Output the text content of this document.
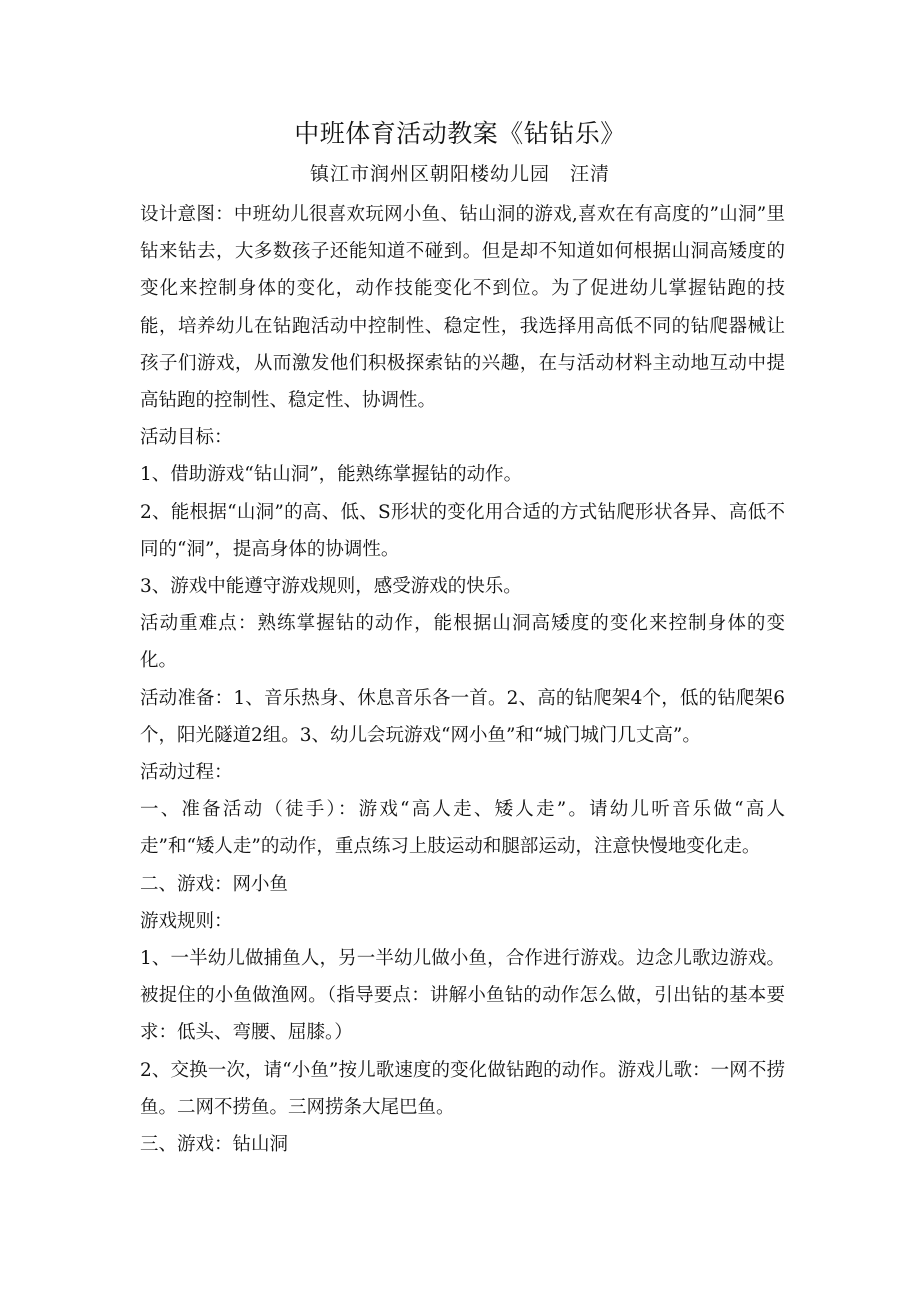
中班体育活动教案《钻钻乐》
镇江市润州区朝阳楼幼儿园　汪清

设计意图：中班幼儿很喜欢玩网小鱼、钻山洞的游戏,喜欢在有高度的”山洞”里钻来钻去，大多数孩子还能知道不碰到。但是却不知道如何根据山洞高矮度的变化来控制身体的变化，动作技能变化不到位。为了促进幼儿掌握钻跑的技能，培养幼儿在钻跑活动中控制性、稳定性，我选择用高低不同的钻爬器械让孩子们游戏，从而激发他们积极探索钻的兴趣，在与活动材料主动地互动中提高钻跑的控制性、稳定性、协调性。

活动目标：

1、借助游戏“钻山洞”，能熟练掌握钻的动作。

2、能根据“山洞”的高、低、S形状的变化用合适的方式钻爬形状各异、高低不同的“洞”，提高身体的协调性。

3、游戏中能遵守游戏规则，感受游戏的快乐。

活动重难点：熟练掌握钻的动作，能根据山洞高矮度的变化来控制身体的变化。

活动准备：1、音乐热身、休息音乐各一首。2、高的钻爬架4个，低的钻爬架6个，阳光隧道2组。3、幼儿会玩游戏“网小鱼”和“城门城门几丈高”。

活动过程：

一、准备活动（徒手）：游戏“高人走、矮人走”。请幼儿听音乐做“高人走”和“矮人走”的动作，重点练习上肢运动和腿部运动，注意快慢地变化走。

二、游戏：网小鱼

游戏规则：

1、一半幼儿做捕鱼人，另一半幼儿做小鱼，合作进行游戏。边念儿歌边游戏。被捉住的小鱼做渔网。（指导要点：讲解小鱼钻的动作怎么做，引出钻的基本要求：低头、弯腰、屈膝。）

2、交换一次，请“小鱼”按儿歌速度的变化做钻跑的动作。游戏儿歌：一网不捞鱼。二网不捞鱼。三网捞条大尾巴鱼。

三、游戏：钻山洞
